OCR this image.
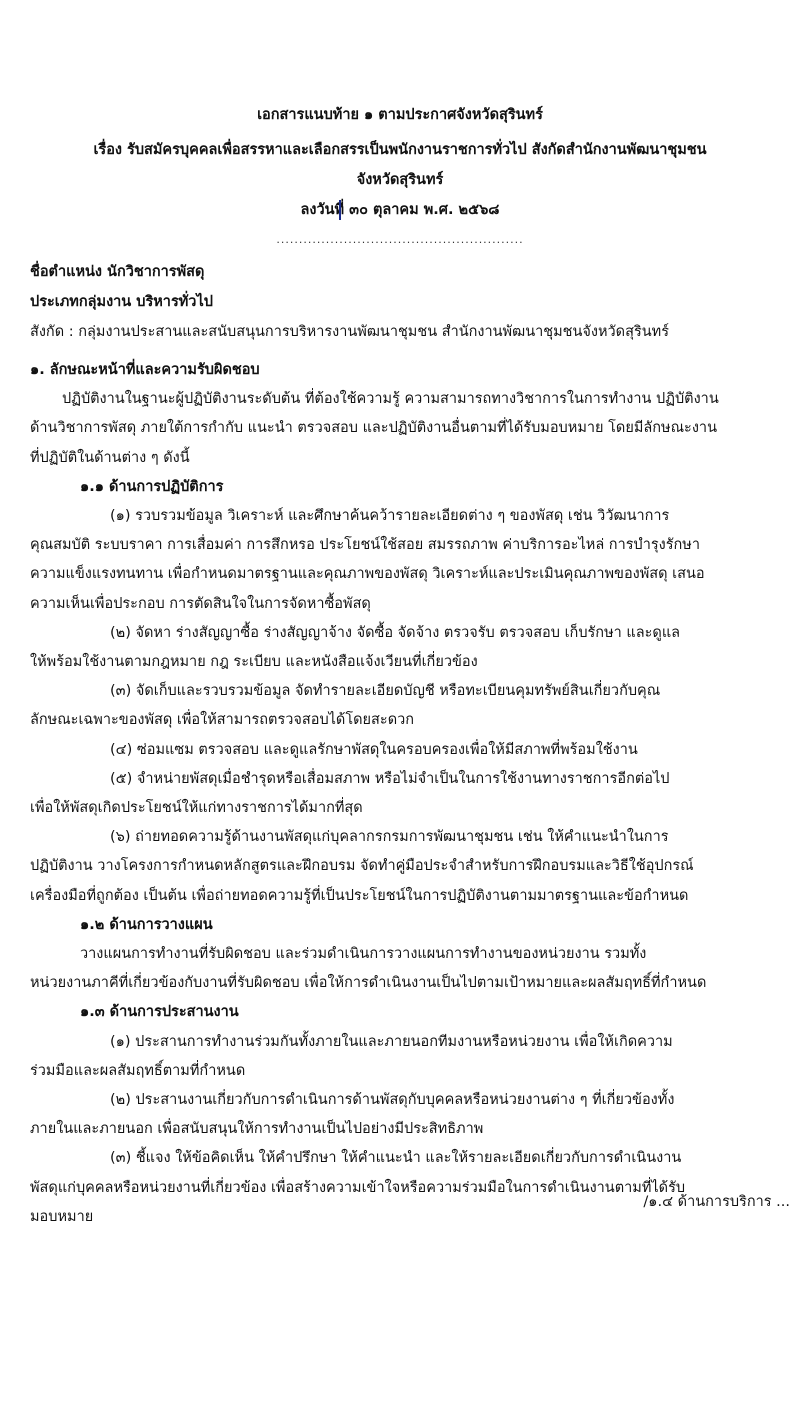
เอกสารแนบท้าย ๑ ตามประกาศจังหวัดสุรินทร์
เรื่อง รับสมัครบุคคลเพื่อสรรหาและเลือกสรรเป็นพนักงานราชการทั่วไป สังกัดสำนักงานพัฒนาชุมชน
จังหวัดสุรินทร์
ลงวันที่ ๓๐ ตุลาคม พ.ศ. ๒๕๖๘
.......................................................
ชื่อตำแหน่ง นักวิชาการพัสดุ
ประเภทกลุ่มงาน บริหารทั่วไป
สังกัด : กลุ่มงานประสานและสนับสนุนการบริหารงานพัฒนาชุมชน สำนักงานพัฒนาชุมชนจังหวัดสุรินทร์
๑. ลักษณะหน้าที่และความรับผิดชอบ
ปฏิบัติงานในฐานะผู้ปฏิบัติงานระดับต้น ที่ต้องใช้ความรู้ ความสามารถทางวิชาการในการทำงาน ปฏิบัติงาน
ด้านวิชาการพัสดุ ภายใต้การกำกับ แนะนำ ตรวจสอบ และปฏิบัติงานอื่นตามที่ได้รับมอบหมาย โดยมีลักษณะงาน
ที่ปฏิบัติในด้านต่าง ๆ ดังนี้
๑.๑ ด้านการปฏิบัติการ
(๑) รวบรวมข้อมูล วิเคราะห์ และศึกษาค้นคว้ารายละเอียดต่าง ๆ ของพัสดุ เช่น วิวัฒนาการ
คุณสมบัติ ระบบราคา การเสื่อมค่า การสึกหรอ ประโยชน์ใช้สอย สมรรถภาพ ค่าบริการอะไหล่ การบำรุงรักษา
ความแข็งแรงทนทาน เพื่อกำหนดมาตรฐานและคุณภาพของพัสดุ วิเคราะห์และประเมินคุณภาพของพัสดุ เสนอ
ความเห็นเพื่อประกอบ การตัดสินใจในการจัดหาซื้อพัสดุ
(๒) จัดหา ร่างสัญญาซื้อ ร่างสัญญาจ้าง จัดซื้อ จัดจ้าง ตรวจรับ ตรวจสอบ เก็บรักษา และดูแล
ให้พร้อมใช้งานตามกฎหมาย กฎ ระเบียบ และหนังสือแจ้งเวียนที่เกี่ยวข้อง
(๓) จัดเก็บและรวบรวมข้อมูล จัดทำรายละเอียดบัญชี หรือทะเบียนคุมทรัพย์สินเกี่ยวกับคุณ
ลักษณะเฉพาะของพัสดุ เพื่อให้สามารถตรวจสอบได้โดยสะดวก
(๔) ซ่อมแซม ตรวจสอบ และดูแลรักษาพัสดุในครอบครองเพื่อให้มีสภาพที่พร้อมใช้งาน
(๕) จำหน่ายพัสดุเมื่อชำรุดหรือเสื่อมสภาพ หรือไม่จำเป็นในการใช้งานทางราชการอีกต่อไป
เพื่อให้พัสดุเกิดประโยชน์ให้แก่ทางราชการได้มากที่สุด
(๖) ถ่ายทอดความรู้ด้านงานพัสดุแก่บุคลากรกรมการพัฒนาชุมชน เช่น ให้คำแนะนำในการ
ปฏิบัติงาน วางโครงการกำหนดหลักสูตรและฝึกอบรม จัดทำคู่มือประจำสำหรับการฝึกอบรมและวิธีใช้อุปกรณ์
เครื่องมือที่ถูกต้อง เป็นต้น เพื่อถ่ายทอดความรู้ที่เป็นประโยชน์ในการปฏิบัติงานตามมาตรฐานและข้อกำหนด
๑.๒ ด้านการวางแผน
วางแผนการทำงานที่รับผิดชอบ และร่วมดำเนินการวางแผนการทำงานของหน่วยงาน รวมทั้ง
หน่วยงานภาคีที่เกี่ยวข้องกับงานที่รับผิดชอบ เพื่อให้การดำเนินงานเป็นไปตามเป้าหมายและผลสัมฤทธิ์ที่กำหนด
๑.๓ ด้านการประสานงาน
(๑) ประสานการทำงานร่วมกันทั้งภายในและภายนอกทีมงานหรือหน่วยงาน เพื่อให้เกิดความ
ร่วมมือและผลสัมฤทธิ์ตามที่กำหนด
(๒) ประสานงานเกี่ยวกับการดำเนินการด้านพัสดุกับบุคคลหรือหน่วยงานต่าง ๆ ที่เกี่ยวข้องทั้ง
ภายในและภายนอก เพื่อสนับสนุนให้การทำงานเป็นไปอย่างมีประสิทธิภาพ
(๓) ชี้แจง ให้ข้อคิดเห็น ให้คำปรึกษา ให้คำแนะนำ และให้รายละเอียดเกี่ยวกับการดำเนินงาน
พัสดุแก่บุคคลหรือหน่วยงานที่เกี่ยวข้อง เพื่อสร้างความเข้าใจหรือความร่วมมือในการดำเนินงานตามที่ได้รับ
มอบหมาย
/๑.๔ ด้านการบริการ ...
